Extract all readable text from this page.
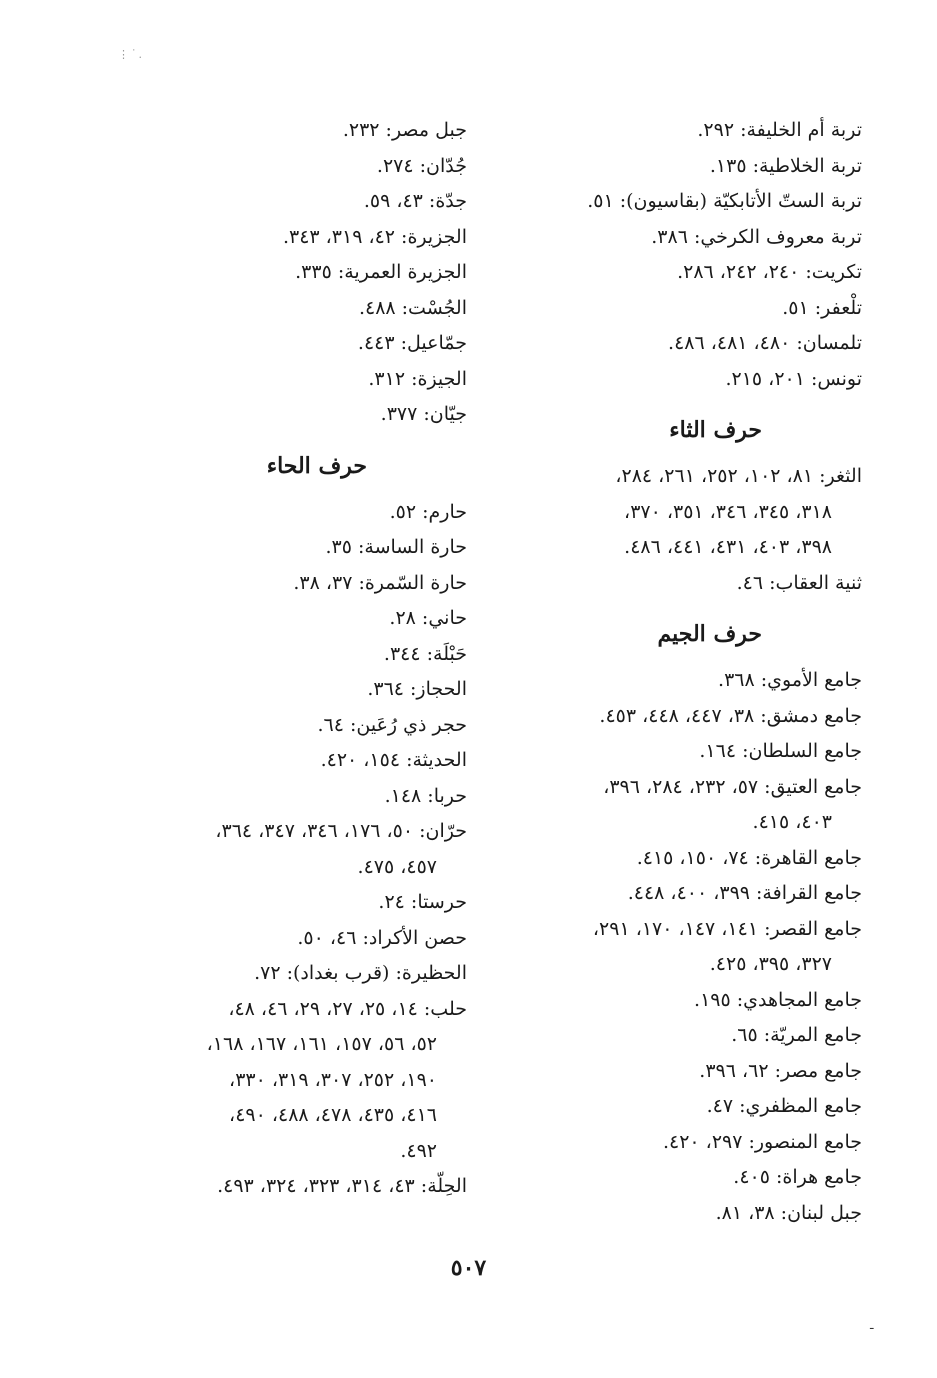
⋮˙.
تربة أم الخليفة: ٢٩٢.
تربة الخلاطية: ١٣٥.
تربة الستّ الأتابكيّة (بقاسيون): ٥١.
تربة معروف الكرخي: ٣٨٦.
تكريت: ٢٤٠، ٢٤٢، ٢٨٦.
تلْعفر: ٥١.
تلمسان: ٤٨٠، ٤٨١، ٤٨٦.
تونس: ٢٠١، ٢١٥.
حرف الثاء
الثغر: ٨١، ١٠٢، ٢٥٢، ٢٦١، ٢٨٤،
٣١٨، ٣٤٥، ٣٤٦، ٣٥١، ٣٧٠،
٣٩٨، ٤٠٣، ٤٣١، ٤٤١، ٤٨٦.
ثنية العقاب: ٤٦.
حرف الجيم
جامع الأموي: ٣٦٨.
جامع دمشق: ٣٨، ٤٤٧، ٤٤٨، ٤٥٣.
جامع السلطان: ١٦٤.
جامع العتيق: ٥٧، ٢٣٢، ٢٨٤، ٣٩٦،
٤٠٣، ٤١٥.
جامع القاهرة: ٧٤، ١٥٠، ٤١٥.
جامع القرافة: ٣٩٩، ٤٠٠، ٤٤٨.
جامع القصر: ١٤١، ١٤٧، ١٧٠، ٢٩١،
٣٢٧، ٣٩٥، ٤٢٥.
جامع المجاهدي: ١٩٥.
جامع المريّة: ٦٥.
جامع مصر: ٦٢، ٣٩٦.
جامع المظفري: ٤٧.
جامع المنصور: ٢٩٧، ٤٢٠.
جامع هراة: ٤٠٥.
جبل لبنان: ٣٨، ٨١.
جبل مصر: ٢٣٢.
جُدّان: ٢٧٤.
جدّة: ٤٣، ٥٩.
الجزيرة: ٤٢، ٣١٩، ٣٤٣.
الجزيرة العمرية: ٣٣٥.
الجُسْت: ٤٨٨.
جمّاعيل: ٤٤٣.
الجيزة: ٣١٢.
جيّان: ٣٧٧.
حرف الحاء
حارم: ٥٢.
حارة الساسة: ٣٥.
حارة السّمرة: ٣٧، ٣٨.
حاني: ٢٨.
حَبْلَة: ٣٤٤.
الحجاز: ٣٦٤.
حجر ذي رُعَين: ٦٤.
الحديثة: ١٥٤، ٤٢٠.
حربا: ١٤٨.
حرّان: ٥٠، ١٧٦، ٣٤٦، ٣٤٧، ٣٦٤،
٤٥٧، ٤٧٥.
حرستا: ٢٤.
حصن الأكراد: ٤٦، ٥٠.
الحظيرة: (قرب بغداد): ٧٢.
حلب: ١٤، ٢٥، ٢٧، ٢٩، ٤٦، ٤٨،
٥٢، ٥٦، ١٥٧، ١٦١، ١٦٧، ١٦٨،
١٩٠، ٢٥٢، ٣٠٧، ٣١٩، ٣٣٠،
٤١٦، ٤٣٥، ٤٧٨، ٤٨٨، ٤٩٠،
٤٩٢.
الحِلّة: ٤٣، ٣١٤، ٣٢٣، ٣٢٤، ٤٩٣.
٥٠٧
ـ
